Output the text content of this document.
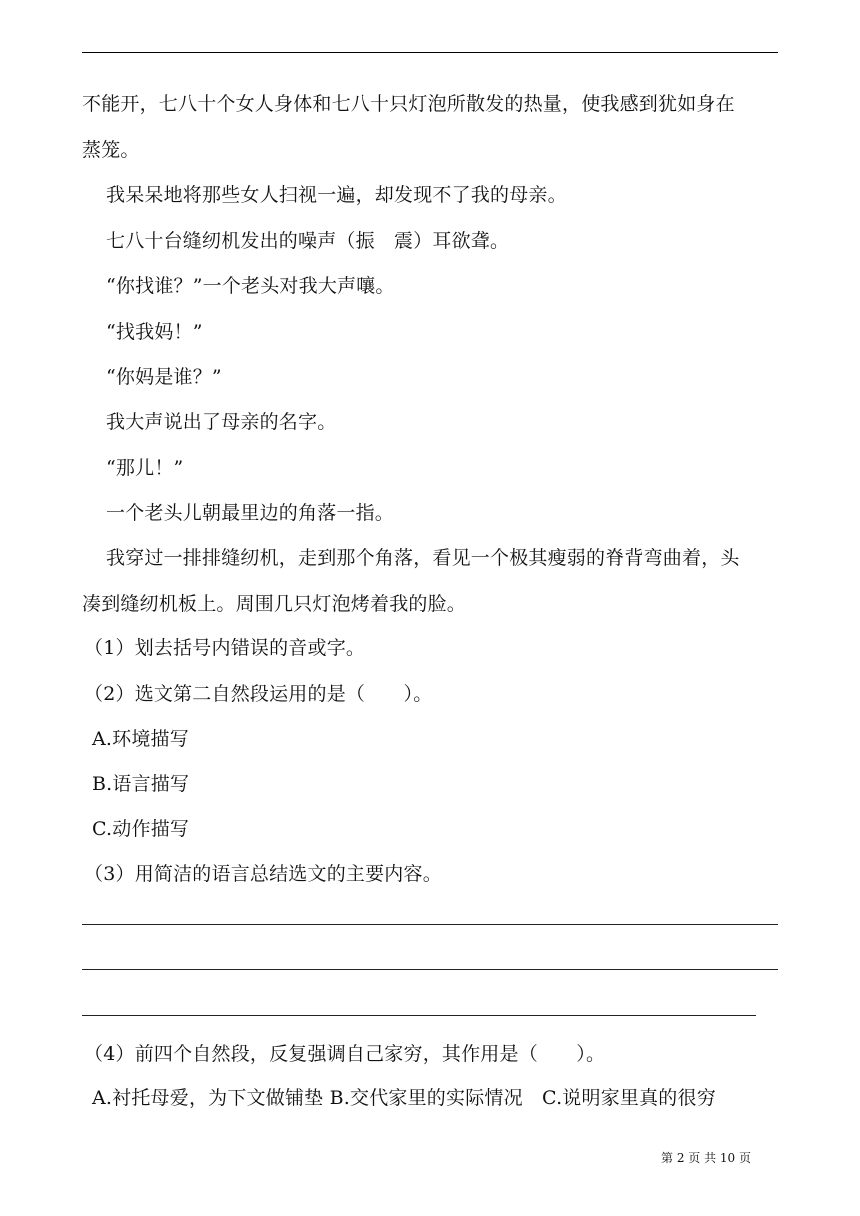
不能开，七八十个女人身体和七八十只灯泡所散发的热量，使我感到犹如身在
蒸笼。
我呆呆地将那些女人扫视一遍，却发现不了我的母亲。
七八十台缝纫机发出的噪声（振　震）耳欲聋。
“你找谁？”一个老头对我大声嚷。
“找我妈！”
“你妈是谁？”
我大声说出了母亲的名字。
“那儿！”
一个老头儿朝最里边的角落一指。
我穿过一排排缝纫机，走到那个角落，看见一个极其瘦弱的脊背弯曲着，头
凑到缝纫机板上。周围几只灯泡烤着我的脸。
（1）划去括号内错误的音或字。
（2）选文第二自然段运用的是（　　）。
A.环境描写
B.语言描写
C.动作描写
（3）用简洁的语言总结选文的主要内容。
（4）前四个自然段，反复强调自己家穷，其作用是（　　）。
A.衬托母爱，为下文做铺垫 B.交代家里的实际情况　C.说明家里真的很穷
第 2 页 共 10 页
